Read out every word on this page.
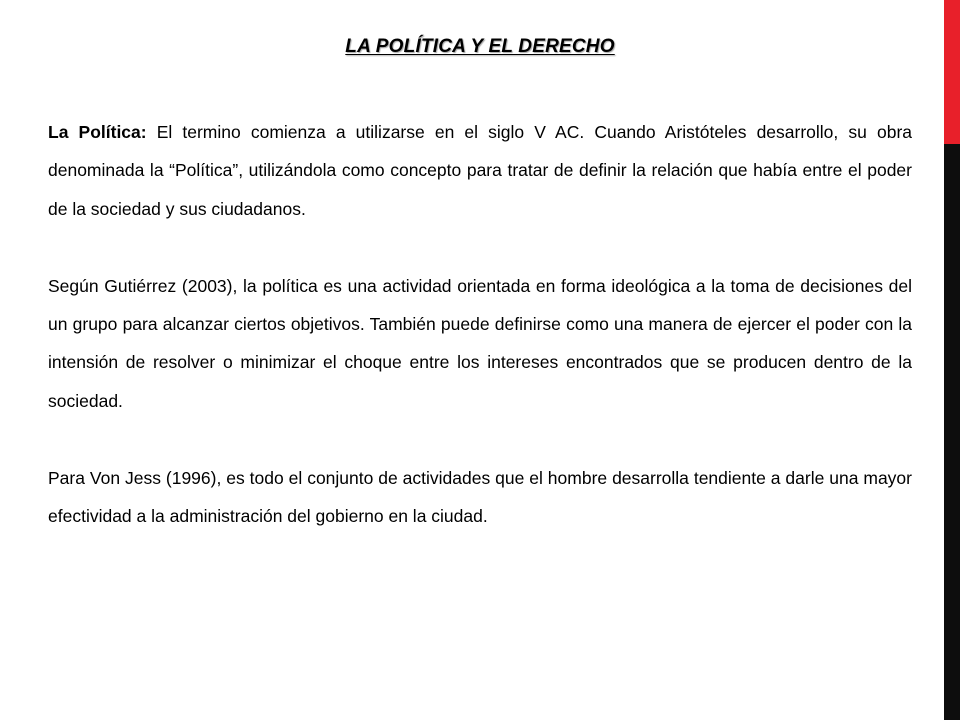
LA POLÍTICA Y EL DERECHO

La Política: El termino comienza a utilizarse en el siglo V AC. Cuando Aristóteles desarrollo, su obra denominada la “Política”, utilizándola como concepto para tratar de definir la relación que había entre el poder de la sociedad y sus ciudadanos.

Según Gutiérrez (2003), la política es una actividad orientada en forma ideológica a la toma de decisiones del un grupo para alcanzar ciertos objetivos. También puede definirse como una manera de ejercer el poder con la intensión de resolver o minimizar el choque entre los intereses encontrados que se producen dentro de la sociedad.

Para Von Jess (1996), es todo el conjunto de actividades que el hombre desarrolla tendiente a darle una mayor efectividad a la administración del gobierno en la ciudad.
